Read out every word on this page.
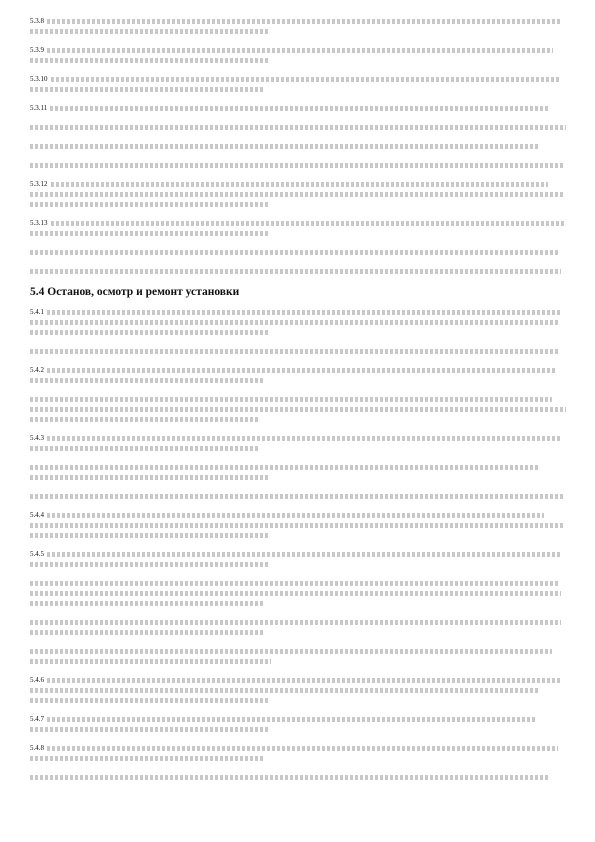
5.3.8

5.3.9

5.3.10

5.3.11

5.3.12

5.3.13

5.4 Останов, осмотр и ремонт установки

5.4.1

5.4.2

5.4.3

5.4.4

5.4.5

5.4.6

5.4.7

5.4.8
